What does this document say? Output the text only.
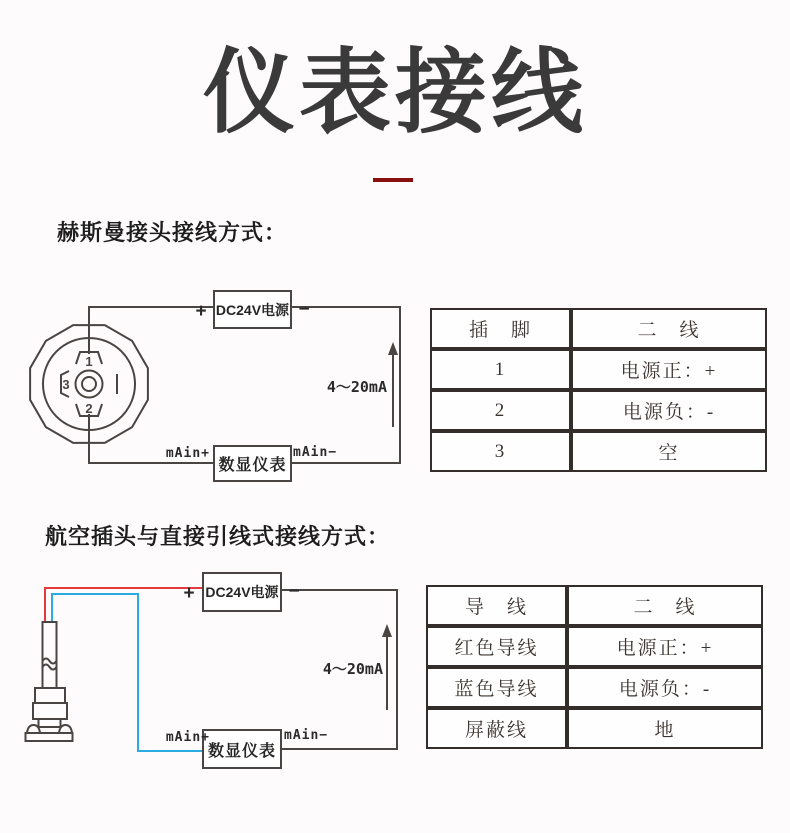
仪表接线
赫斯曼接头接线方式：
航空插头与直接引线式接线方式：
1
2
3
DC24V电源
数显仪表
+	−
mAin+	mAin−
4～20mA
DC24V电源
数显仪表
+	−
mAin+	mAin−
4～20mA
插　脚	二　线
1	电源正：+
2	电源负：-
3	空
导　线	二　线
红色导线	电源正：+
蓝色导线	电源负：-
屏蔽线	地
